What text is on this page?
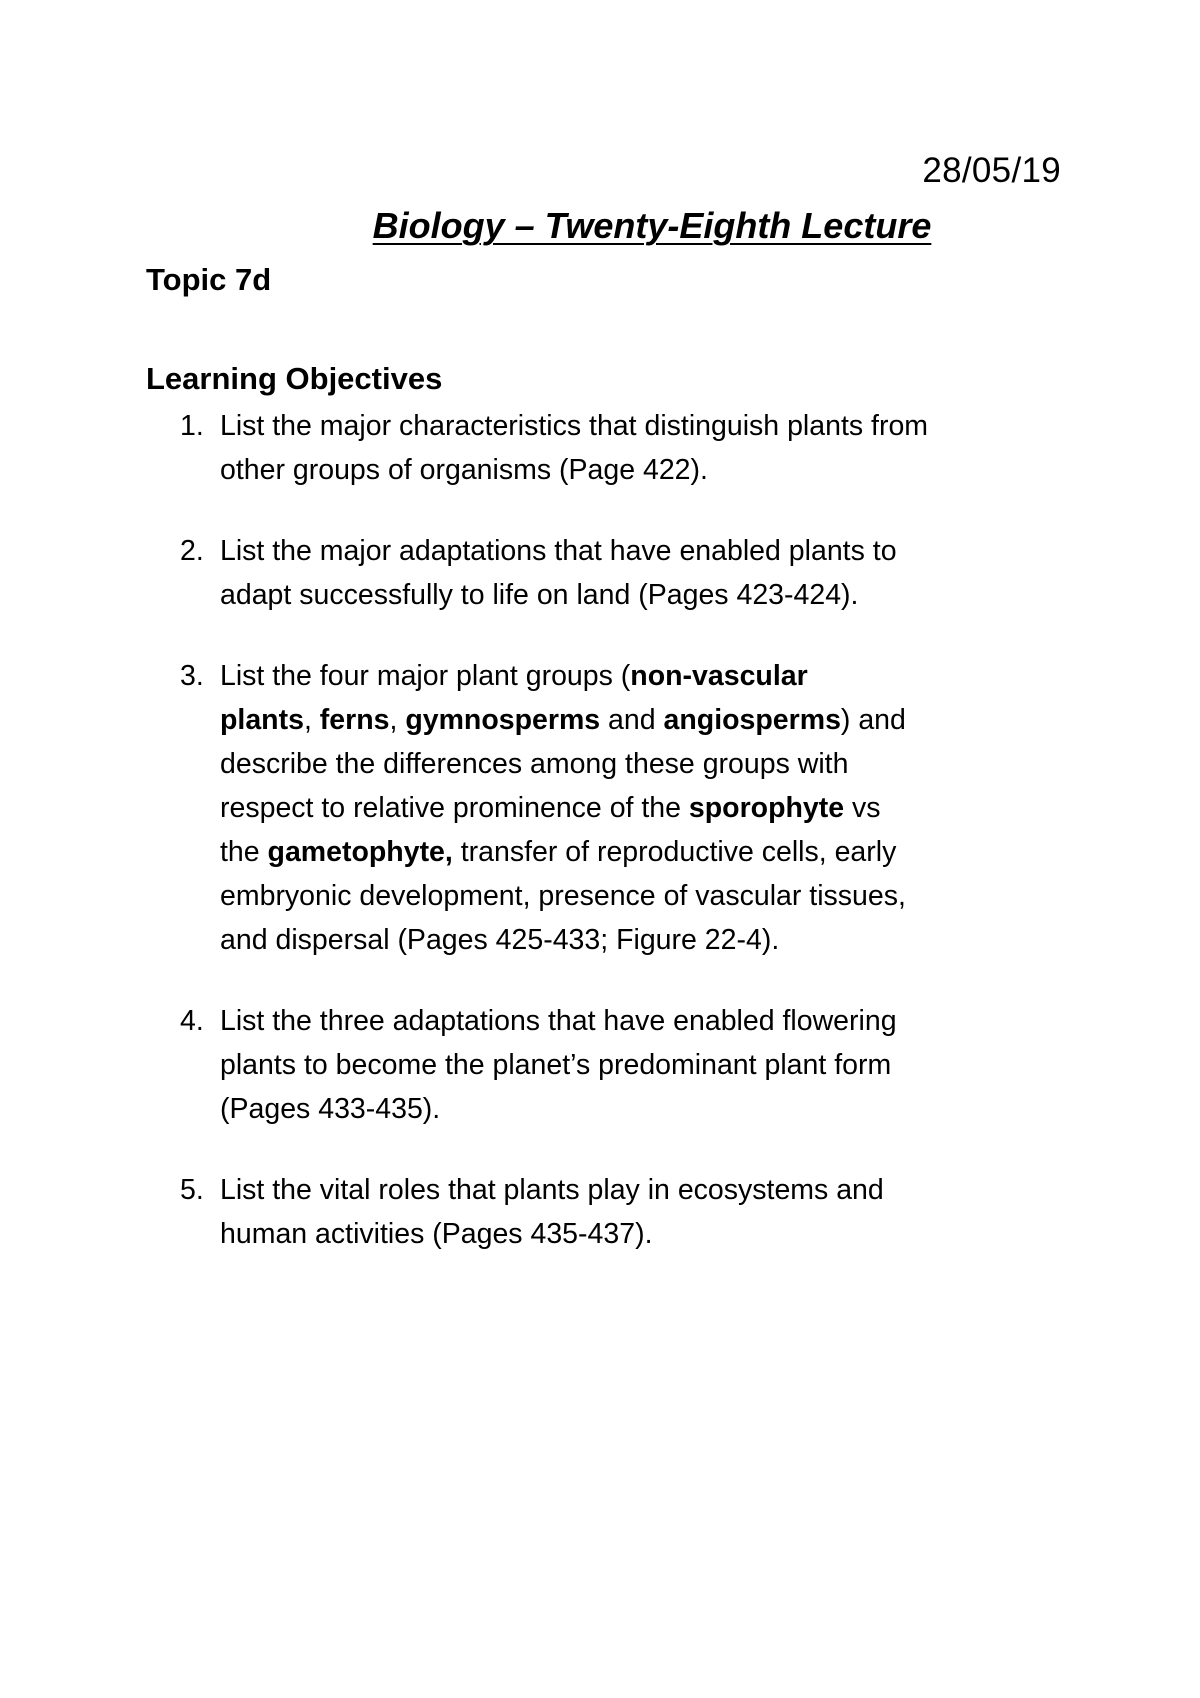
28/05/19
Biology – Twenty-Eighth Lecture
Topic 7d
Learning Objectives
1. List the major characteristics that distinguish plants from
other groups of organisms (Page 422).
2. List the major adaptations that have enabled plants to
adapt successfully to life on land (Pages 423-424).
3. List the four major plant groups (non-vascular
plants, ferns, gymnosperms and angiosperms) and
describe the differences among these groups with
respect to relative prominence of the sporophyte vs
the gametophyte, transfer of reproductive cells, early
embryonic development, presence of vascular tissues,
and dispersal (Pages 425-433; Figure 22-4).
4. List the three adaptations that have enabled flowering
plants to become the planet’s predominant plant form
(Pages 433-435).
5. List the vital roles that plants play in ecosystems and
human activities (Pages 435-437).
